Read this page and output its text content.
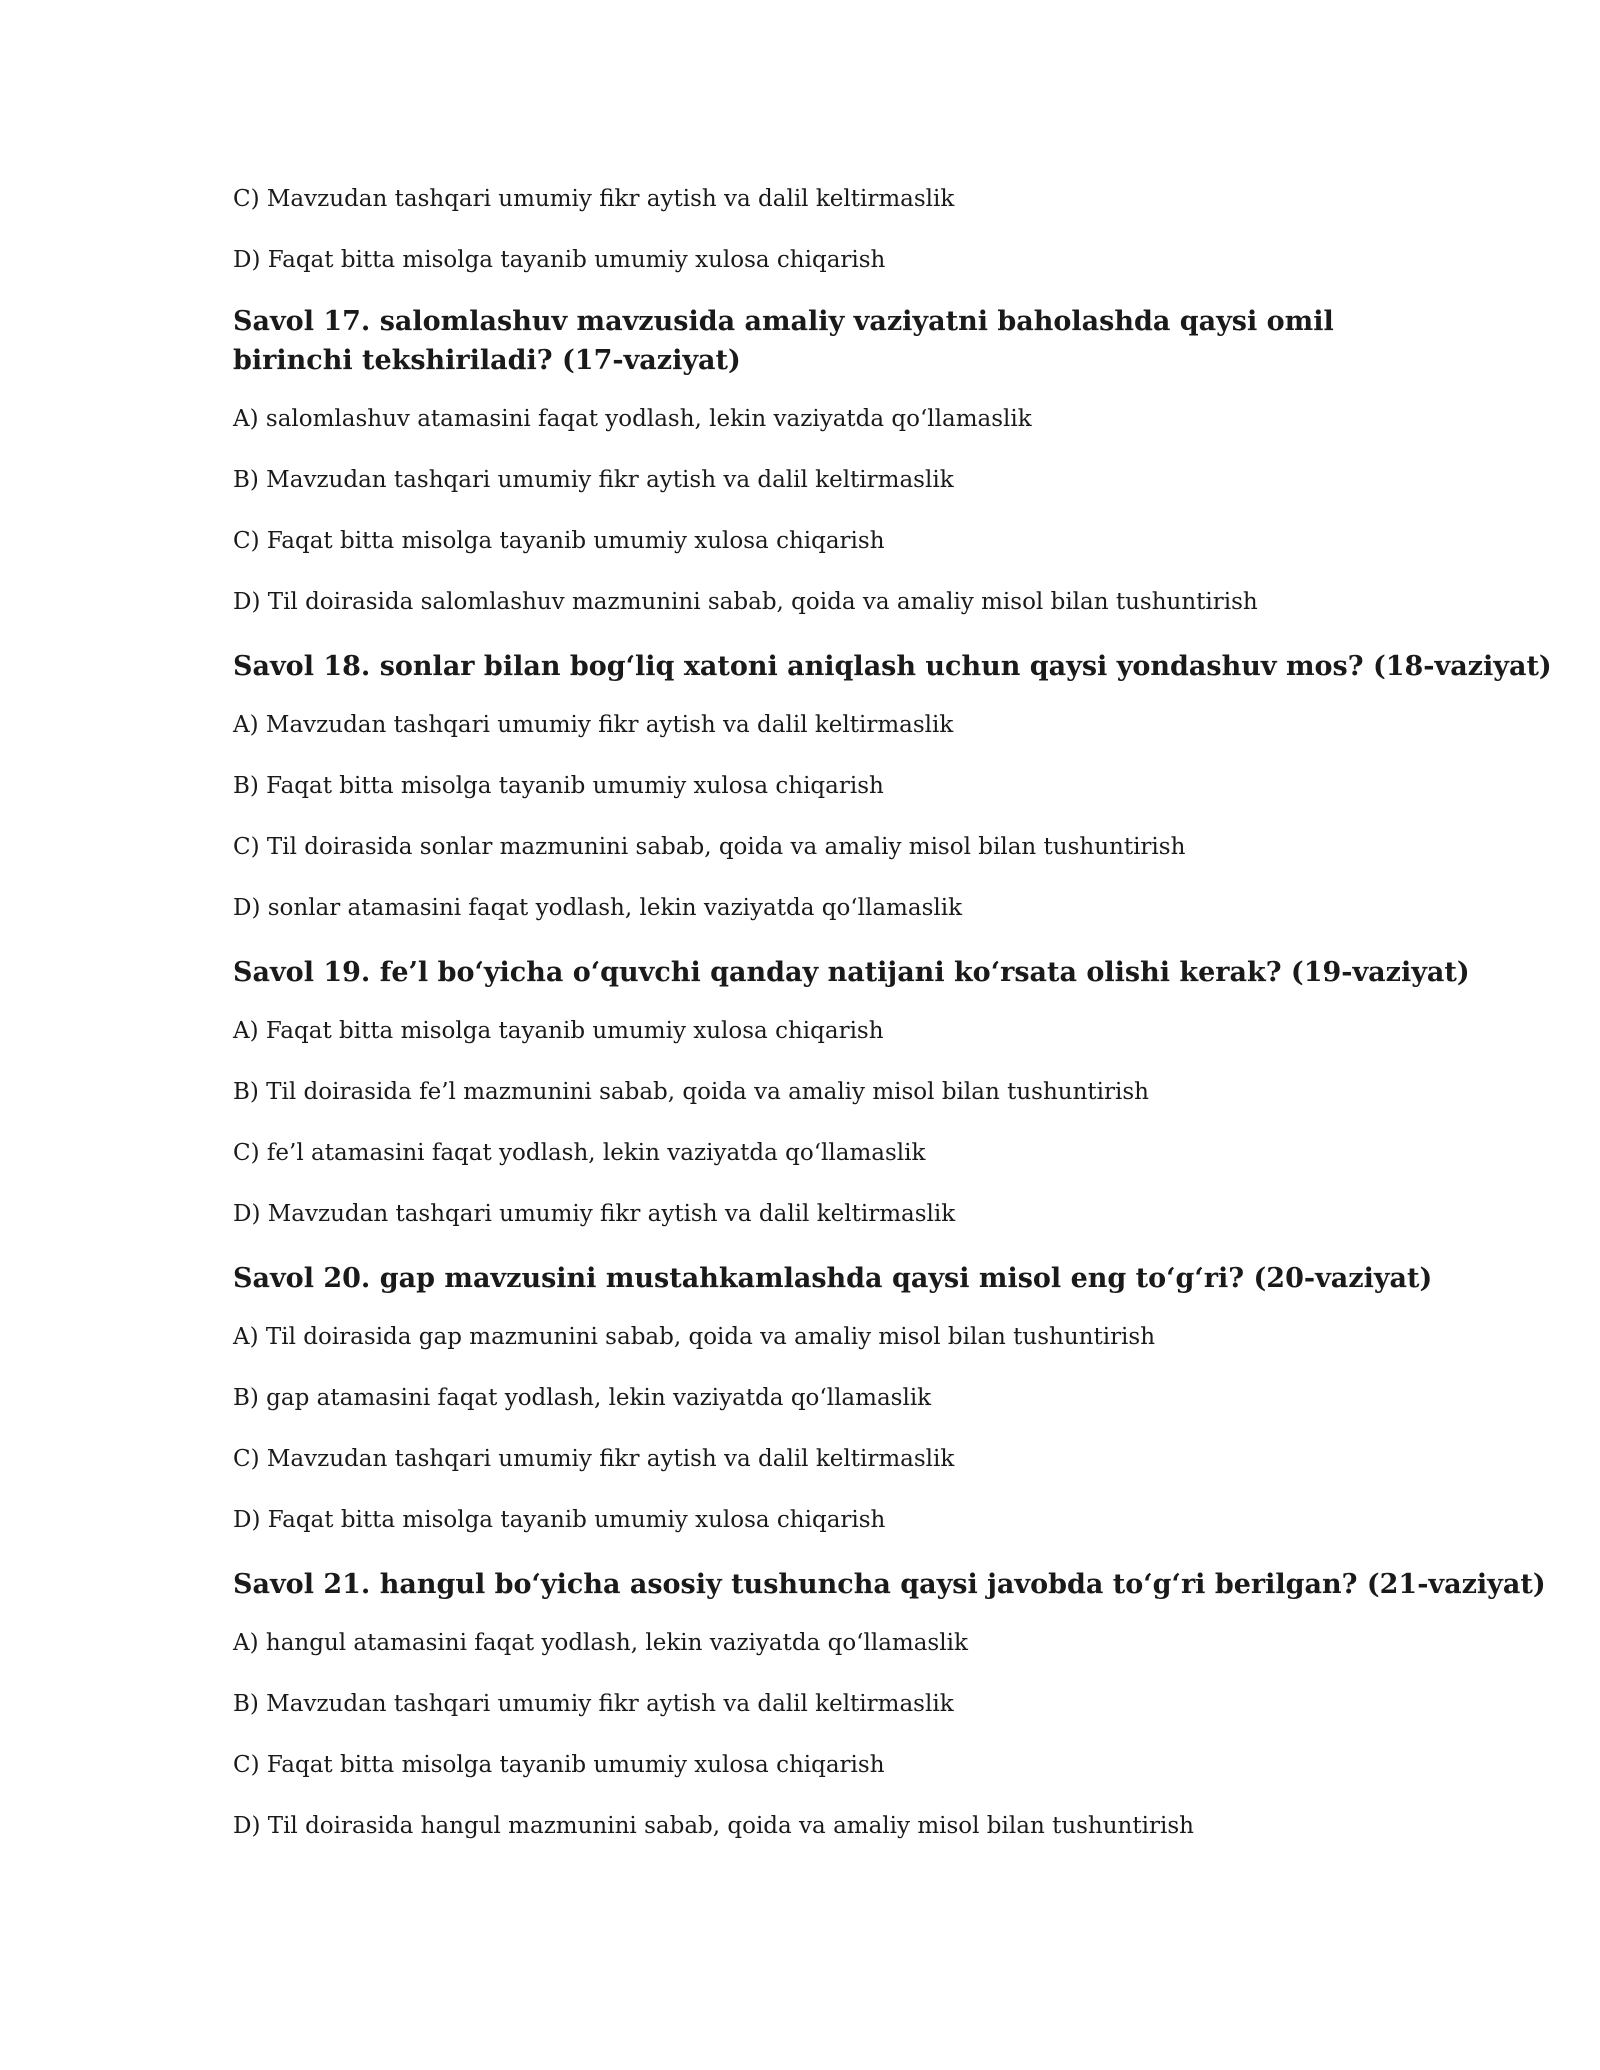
C) Mavzudan tashqari umumiy fikr aytish va dalil keltirmaslik

D) Faqat bitta misolga tayanib umumiy xulosa chiqarish

Savol 17. salomlashuv mavzusida amaliy vaziyatni baholashda qaysi omil birinchi tekshiriladi? (17-vaziyat)

A) salomlashuv atamasini faqat yodlash, lekin vaziyatda qo‘llamaslik

B) Mavzudan tashqari umumiy fikr aytish va dalil keltirmaslik

C) Faqat bitta misolga tayanib umumiy xulosa chiqarish

D) Til doirasida salomlashuv mazmunini sabab, qoida va amaliy misol bilan tushuntirish

Savol 18. sonlar bilan bog‘liq xatoni aniqlash uchun qaysi yondashuv mos? (18-vaziyat)

A) Mavzudan tashqari umumiy fikr aytish va dalil keltirmaslik

B) Faqat bitta misolga tayanib umumiy xulosa chiqarish

C) Til doirasida sonlar mazmunini sabab, qoida va amaliy misol bilan tushuntirish

D) sonlar atamasini faqat yodlash, lekin vaziyatda qo‘llamaslik

Savol 19. fe’l bo‘yicha o‘quvchi qanday natijani ko‘rsata olishi kerak? (19-vaziyat)

A) Faqat bitta misolga tayanib umumiy xulosa chiqarish

B) Til doirasida fe’l mazmunini sabab, qoida va amaliy misol bilan tushuntirish

C) fe’l atamasini faqat yodlash, lekin vaziyatda qo‘llamaslik

D) Mavzudan tashqari umumiy fikr aytish va dalil keltirmaslik

Savol 20. gap mavzusini mustahkamlashda qaysi misol eng to‘g‘ri? (20-vaziyat)

A) Til doirasida gap mazmunini sabab, qoida va amaliy misol bilan tushuntirish

B) gap atamasini faqat yodlash, lekin vaziyatda qo‘llamaslik

C) Mavzudan tashqari umumiy fikr aytish va dalil keltirmaslik

D) Faqat bitta misolga tayanib umumiy xulosa chiqarish

Savol 21. hangul bo‘yicha asosiy tushuncha qaysi javobda to‘g‘ri berilgan? (21-vaziyat)

A) hangul atamasini faqat yodlash, lekin vaziyatda qo‘llamaslik

B) Mavzudan tashqari umumiy fikr aytish va dalil keltirmaslik

C) Faqat bitta misolga tayanib umumiy xulosa chiqarish

D) Til doirasida hangul mazmunini sabab, qoida va amaliy misol bilan tushuntirish
